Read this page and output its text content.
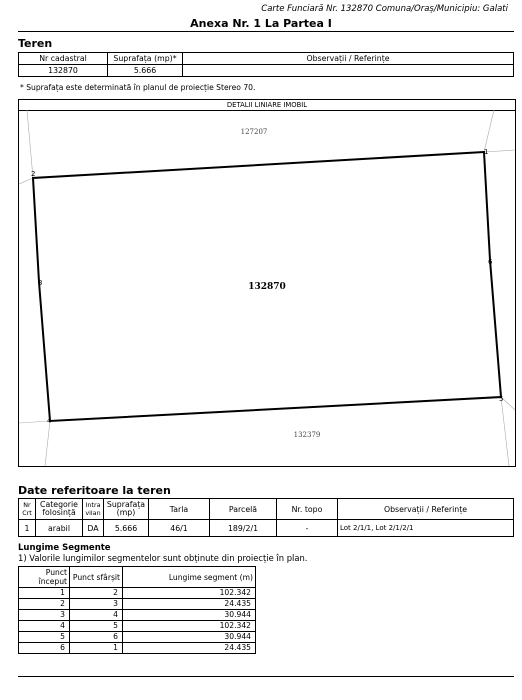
Carte Funciară Nr. 132870 Comuna/Oraș/Municipiu: Galati
Anexa Nr. 1 La Partea I
Teren
Nr cadastral	Suprafața (mp)*	Observații / Referințe
132870	5.666	
* Suprafața este determinată în planul de proiecție Stereo 70.
DETALII LINIARE IMOBIL
1
2
3
4
5
6
132870
127207
132379
Date referitoare la teren
Nr Crt	Categorie folosință	Intra vilan	Suprafața (mp)	Tarla	Parcelă	Nr. topo	Observații / Referințe
1	arabil	DA	5.666	46/1	189/2/1	-	Lot 2/1/1, Lot 2/1/2/1
Lungime Segmente
1) Valorile lungimilor segmentelor sunt obținute din proiecție în plan.
Punct început	Punct sfârșit	Lungime segment (m)
1	2	102.342
2	3	24.435
3	4	30.944
4	5	102.342
5	6	30.944
6	1	24.435
